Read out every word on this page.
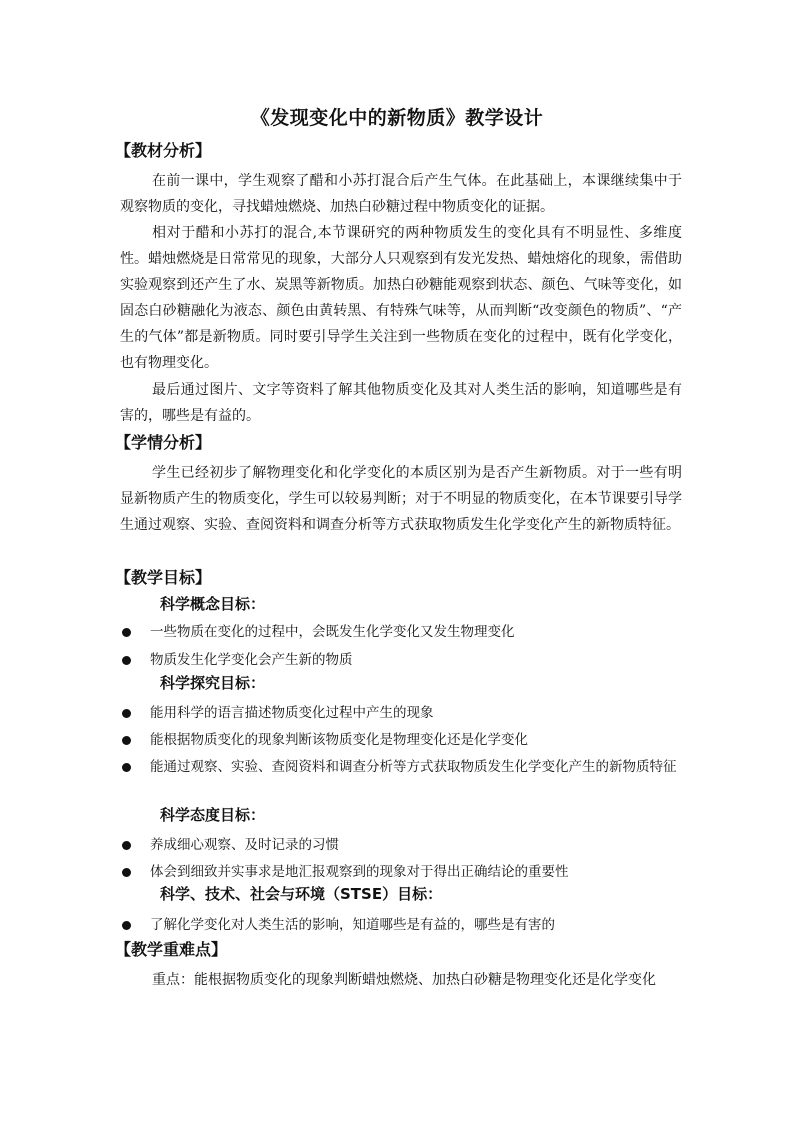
《发现变化中的新物质》教学设计
【教材分析】

在前一课中，学生观察了醋和小苏打混合后产生气体。在此基础上，本课继续集中于观察物质的变化，寻找蜡烛燃烧、加热白砂糖过程中物质变化的证据。

相对于醋和小苏打的混合,本节课研究的两种物质发生的变化具有不明显性、多维度性。蜡烛燃烧是日常常见的现象，大部分人只观察到有发光发热、蜡烛熔化的现象，需借助实验观察到还产生了水、炭黑等新物质。加热白砂糖能观察到状态、颜色、气味等变化，如固态白砂糖融化为液态、颜色由黄转黑、有特殊气味等，从而判断“改变颜色的物质”、“产生的气体”都是新物质。同时要引导学生关注到一些物质在变化的过程中，既有化学变化，也有物理变化。

最后通过图片、文字等资料了解其他物质变化及其对人类生活的影响，知道哪些是有害的，哪些是有益的。

【学情分析】

学生已经初步了解物理变化和化学变化的本质区别为是否产生新物质。对于一些有明显新物质产生的物质变化，学生可以较易判断；对于不明显的物质变化，在本节课要引导学生通过观察、实验、查阅资料和调查分析等方式获取物质发生化学变化产生的新物质特征。

【教学目标】
科学概念目标：
一些物质在变化的过程中，会既发生化学变化又发生物理变化
物质发生化学变化会产生新的物质
科学探究目标：
能用科学的语言描述物质变化过程中产生的现象
能根据物质变化的现象判断该物质变化是物理变化还是化学变化
能通过观察、实验、查阅资料和调查分析等方式获取物质发生化学变化产生的新物质特征
科学态度目标：
养成细心观察、及时记录的习惯
体会到细致并实事求是地汇报观察到的现象对于得出正确结论的重要性
科学、技术、社会与环境（STSE）目标：
了解化学变化对人类生活的影响，知道哪些是有益的，哪些是有害的
【教学重难点】

重点：能根据物质变化的现象判断蜡烛燃烧、加热白砂糖是物理变化还是化学变化
